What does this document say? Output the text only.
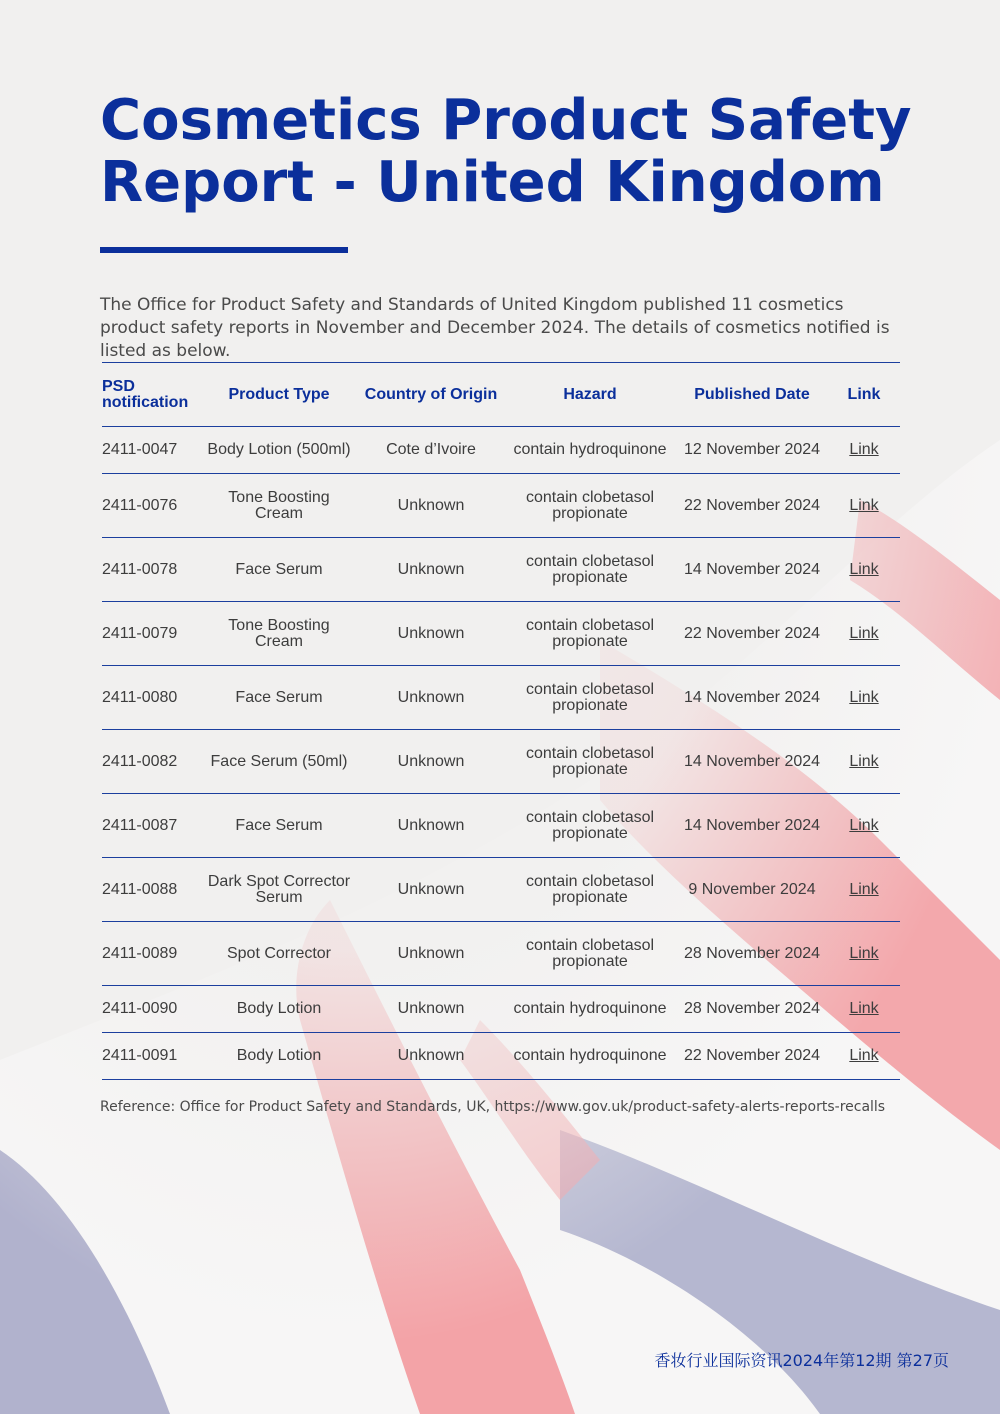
Cosmetics Product Safety Report - United Kingdom

The Office for Product Safety and Standards of United Kingdom published 11 cosmetics product safety reports in November and December 2024. The details of cosmetics notified is listed as below.

PSD notification	Product Type	Country of Origin	Hazard	Published Date	Link
2411-0047	Body Lotion (500ml)	Cote d’Ivoire	contain hydroquinone	12 November 2024	Link
2411-0076	Tone Boosting Cream	Unknown	contain clobetasol propionate	22 November 2024	Link
2411-0078	Face Serum	Unknown	contain clobetasol propionate	14 November 2024	Link
2411-0079	Tone Boosting Cream	Unknown	contain clobetasol propionate	22 November 2024	Link
2411-0080	Face Serum	Unknown	contain clobetasol propionate	14 November 2024	Link
2411-0082	Face Serum (50ml)	Unknown	contain clobetasol propionate	14 November 2024	Link
2411-0087	Face Serum	Unknown	contain clobetasol propionate	14 November 2024	Link
2411-0088	Dark Spot Corrector Serum	Unknown	contain clobetasol propionate	9 November 2024	Link
2411-0089	Spot Corrector	Unknown	contain clobetasol propionate	28 November 2024	Link
2411-0090	Body Lotion	Unknown	contain hydroquinone	28 November 2024	Link
2411-0091	Body Lotion	Unknown	contain hydroquinone	22 November 2024	Link

Reference: Office for Product Safety and Standards, UK, https://www.gov.uk/product-safety-alerts-reports-recalls

香妆行业国际资讯2024年第12期 第27页
